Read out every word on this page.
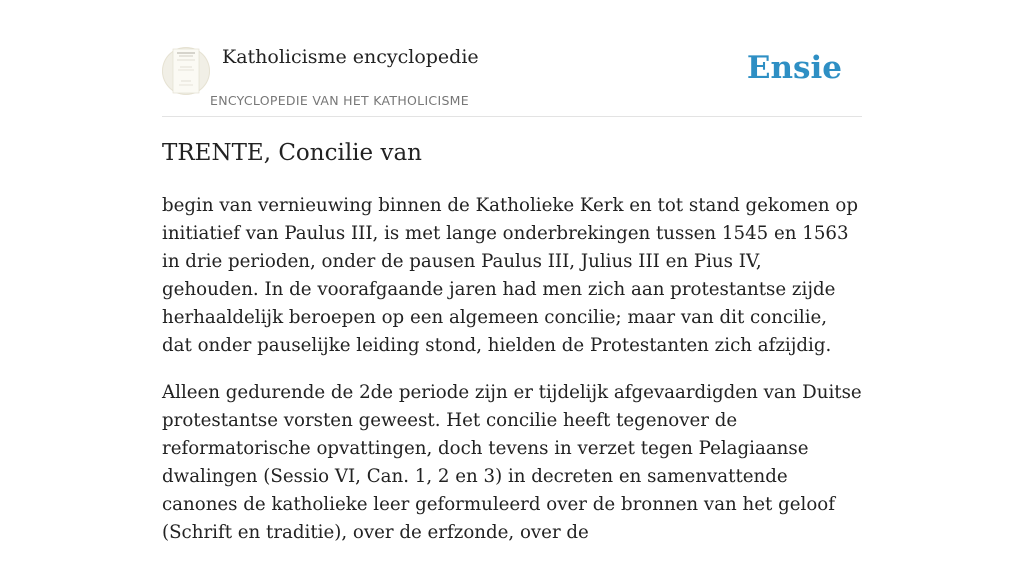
Katholicisme encyclopedie
ENCYCLOPEDIE VAN HET KATHOLICISME
Ensie
TRENTE, Concilie van

begin van vernieuwing binnen de Katholieke Kerk en tot stand gekomen op initiatief van Paulus III, is met lange onderbrekingen tussen 1545 en 1563 in drie perioden, onder de pausen Paulus III, Julius III en Pius IV, gehouden. In de voorafgaande jaren had men zich aan protestantse zijde herhaaldelijk beroepen op een algemeen concilie; maar van dit concilie, dat onder pauselijke leiding stond, hielden de Protestanten zich afzijdig.

Alleen gedurende de 2de periode zijn er tijdelijk afgevaardigden van Duitse protestantse vorsten geweest. Het concilie heeft tegenover de reformatorische opvattingen, doch tevens in verzet tegen Pelagiaanse dwalingen (Sessio VI, Can. 1, 2 en 3) in decreten en samenvattende canones de katholieke leer geformuleerd over de bronnen van het geloof (Schrift en traditie), over de erfzonde, over de
